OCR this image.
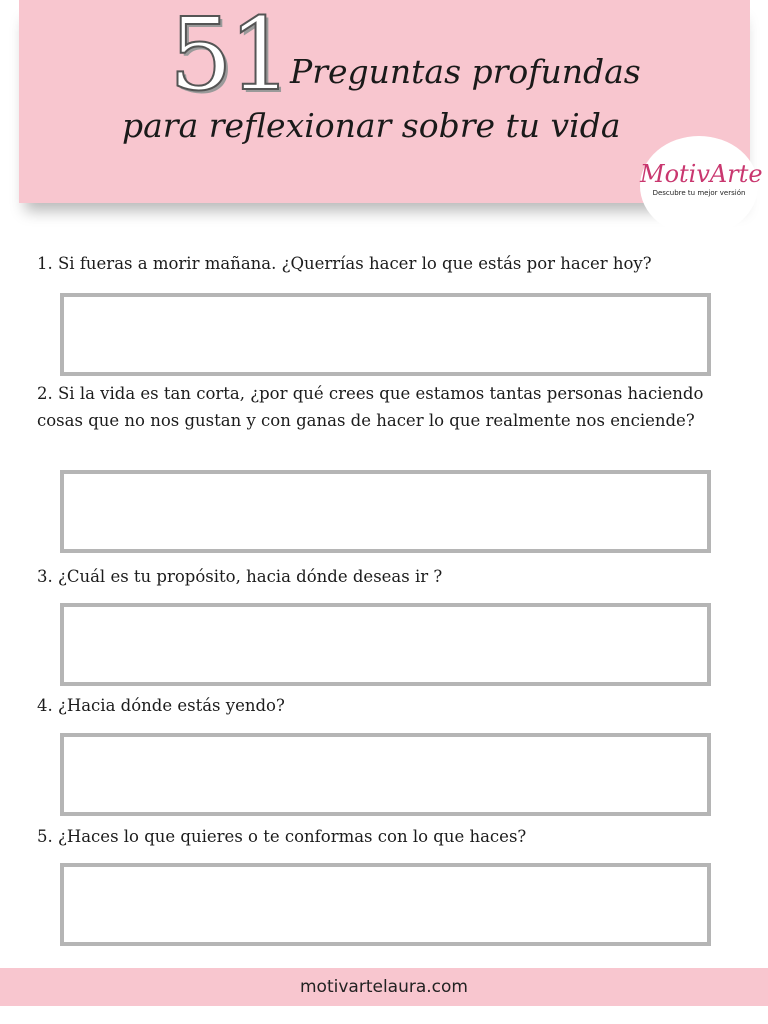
51 Preguntas profundas
para reflexionar sobre tu vida
MotivArte
Descubre tu mejor versión

1. Si fueras a morir mañana. ¿Querrías hacer lo que estás por hacer hoy?

2. Si la vida es tan corta, ¿por qué crees que estamos tantas personas haciendo cosas que no nos gustan y con ganas de hacer lo que realmente nos enciende?

3. ¿Cuál es tu propósito, hacia dónde deseas ir ?

4. ¿Hacia dónde estás yendo?

5. ¿Haces lo que quieres o te conformas con lo que haces?

motivartelaura.com
